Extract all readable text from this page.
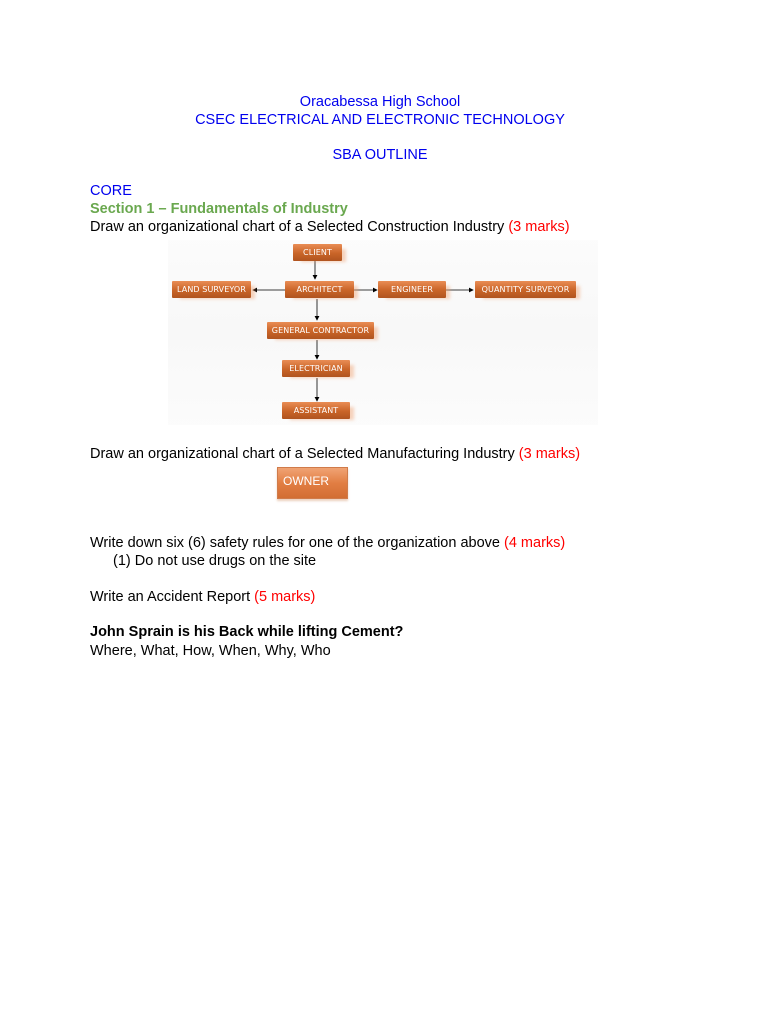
Oracabessa High School
CSEC ELECTRICAL AND ELECTRONIC TECHNOLOGY
SBA OUTLINE
CORE
Section 1 – Fundamentals of Industry
Draw an organizational chart of a Selected Construction Industry (3 marks)
CLIENT
ARCHITECT
LAND SURVEYOR	ENGINEER	QUANTITY SURVEYOR
GENERAL CONTRACTOR
ELECTRICIAN
ASSISTANT
Draw an organizational chart of a Selected Manufacturing Industry (3 marks)
OWNER
Write down six (6) safety rules for one of the organization above (4 marks)
(1) Do not use drugs on the site
Write an Accident Report (5 marks)
John Sprain is his Back while lifting Cement?
Where, What, How, When, Why, Who
